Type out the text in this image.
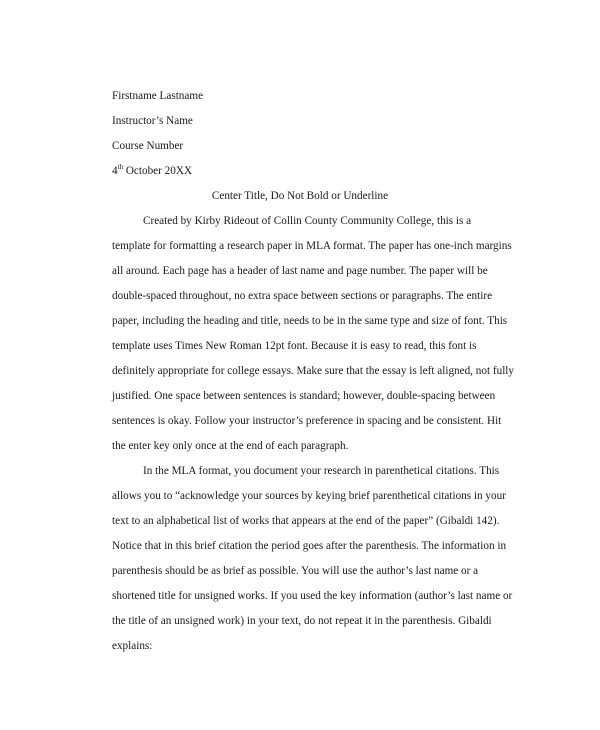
Firstname Lastname
Instructor’s Name
Course Number
4th October 20XX
Center Title, Do Not Bold or Underline
Created by Kirby Rideout of Collin County Community College, this is a
template for formatting a research paper in MLA format. The paper has one-inch margins
all around. Each page has a header of last name and page number. The paper will be
double-spaced throughout, no extra space between sections or paragraphs. The entire
paper, including the heading and title, needs to be in the same type and size of font. This
template uses Times New Roman 12pt font. Because it is easy to read, this font is
definitely appropriate for college essays. Make sure that the essay is left aligned, not fully
justified. One space between sentences is standard; however, double-spacing between
sentences is okay. Follow your instructor’s preference in spacing and be consistent. Hit
the enter key only once at the end of each paragraph.
In the MLA format, you document your research in parenthetical citations. This
allows you to “acknowledge your sources by keying brief parenthetical citations in your
text to an alphabetical list of works that appears at the end of the paper” (Gibaldi 142).
Notice that in this brief citation the period goes after the parenthesis. The information in
parenthesis should be as brief as possible. You will use the author’s last name or a
shortened title for unsigned works. If you used the key information (author’s last name or
the title of an unsigned work) in your text, do not repeat it in the parenthesis. Gibaldi
explains:
